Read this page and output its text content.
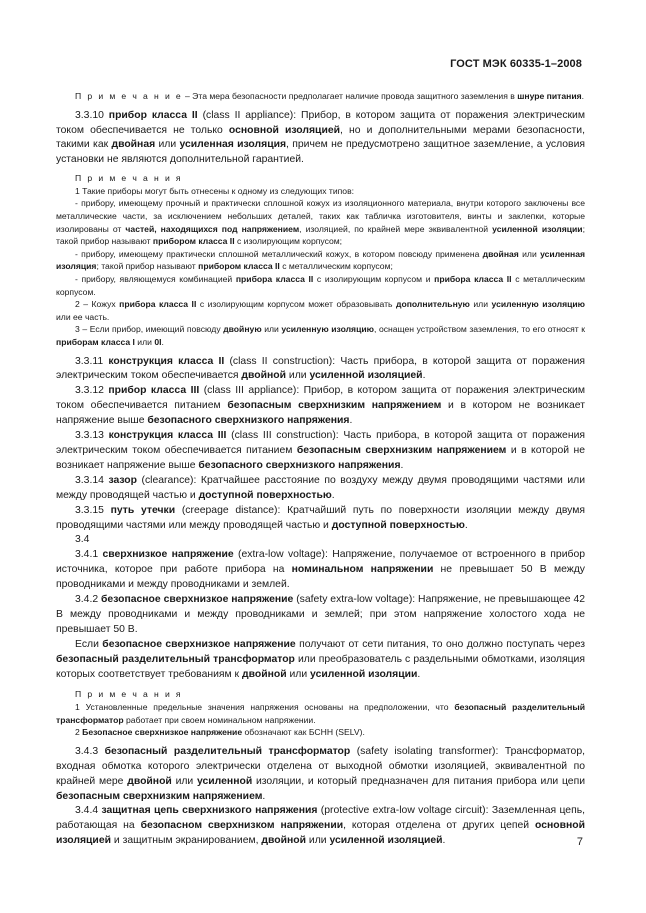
ГОСТ МЭК 60335-1–2008

П р и м е ч а н и е – Эта мера безопасности предполагает наличие провода защитного заземления в шнуре питания.

3.3.10 прибор класса II (class II appliance): Прибор, в котором защита от поражения электрическим током обеспечивается не только основной изоляцией, но и дополнительными мерами безопасности, такими как двойная или усиленная изоляция, причем не предусмотрено защитное заземление, а условия установки не являются дополнительной гарантией.

П р и м е ч а н и я

1 Такие приборы могут быть отнесены к одному из следующих типов:

- прибору, имеющему прочный и практически сплошной кожух из изоляционного материала, внутри которого заключены все металлические части, за исключением небольших деталей, таких как табличка изготовителя, винты и заклепки, которые изолированы от частей, находящихся под напряжением, изоляцией, по крайней мере эквивалентной усиленной изоляции; такой прибор называют прибором класса II с изолирующим корпусом;

- прибору, имеющему практически сплошной металлический кожух, в котором повсюду применена двойная или усиленная изоляция; такой прибор называют прибором класса II с металлическим корпусом;

- прибору, являющемуся комбинацией прибора класса II с изолирующим корпусом и прибора класса II с металлическим корпусом.

2 – Кожух прибора класса II с изолирующим корпусом может образовывать дополнительную или усиленную изоляцию или ее часть.

3 – Если прибор, имеющий повсюду двойную или усиленную изоляцию, оснащен устройством заземления, то его относят к приборам класса I или 0I.

3.3.11 конструкция класса II (class II construction): Часть прибора, в которой защита от поражения электрическим током обеспечивается двойной или усиленной изоляцией.

3.3.12 прибор класса III (class III appliance): Прибор, в котором защита от поражения электрическим током обеспечивается питанием безопасным сверхнизким напряжением и в котором не возникает напряжение выше безопасного сверхнизкого напряжения.

3.3.13 конструкция класса III (class III construction): Часть прибора, в которой защита от поражения электрическим током обеспечивается питанием безопасным сверхнизким напряжением и в которой не возникает напряжение выше безопасного сверхнизкого напряжения.

3.3.14 зазор (clearance): Кратчайшее расстояние по воздуху между двумя проводящими частями или между проводящей частью и доступной поверхностью.

3.3.15 путь утечки (creepage distance): Кратчайший путь по поверхности изоляции между двумя проводящими частями или между проводящей частью и доступной поверхностью.

3.4

3.4.1 сверхнизкое напряжение (extra-low voltage): Напряжение, получаемое от встроенного в прибор источника, которое при работе прибора на номинальном напряжении не превышает 50 В между проводниками и между проводниками и землей.

3.4.2 безопасное сверхнизкое напряжение (safety extra-low voltage): Напряжение, не превышающее 42 В между проводниками и между проводниками и землей; при этом напряжение холостого хода не превышает 50 В.

Если безопасное сверхнизкое напряжение получают от сети питания, то оно должно поступать через безопасный разделительный трансформатор или преобразователь с раздельными обмотками, изоляция которых соответствует требованиям к двойной или усиленной изоляции.

П р и м е ч а н и я

1 Установленные предельные значения напряжения основаны на предположении, что безопасный разделительный трансформатор работает при своем номинальном напряжении.

2 Безопасное сверхнизкое напряжение обозначают как БСНН (SELV).

3.4.3 безопасный разделительный трансформатор (safety isolating transformer): Трансформатор, входная обмотка которого электрически отделена от выходной обмотки изоляцией, эквивалентной по крайней мере двойной или усиленной изоляции, и который предназначен для питания прибора или цепи безопасным сверхнизким напряжением.

3.4.4 защитная цепь сверхнизкого напряжения (protective extra-low voltage circuit): Заземленная цепь, работающая на безопасном сверхнизком напряжении, которая отделена от других цепей основной изоляцией и защитным экранированием, двойной или усиленной изоляцией.	7
